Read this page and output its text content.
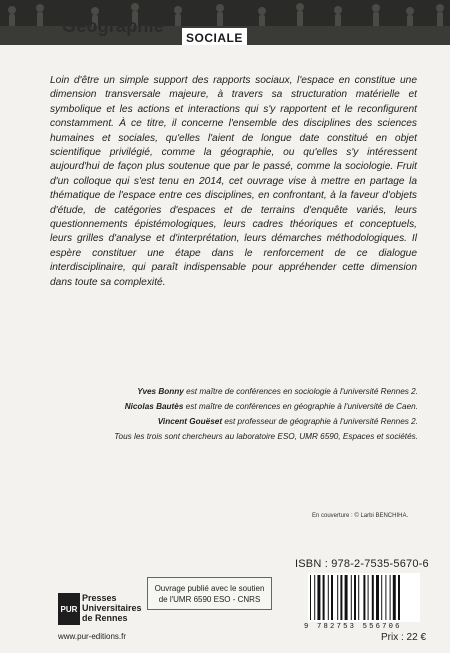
Géographie
SOCIALE

Loin d'être un simple support des rapports sociaux, l'espace en constitue une dimension transversale majeure, à travers sa structuration matérielle et symbolique et les actions et interactions qui s'y rapportent et le reconfigurent constamment. À ce titre, il concerne l'ensemble des disciplines des sciences humaines et sociales, qu'elles l'aient de longue date constitué en objet scientifique privilégié, comme la géographie, ou qu'elles s'y intéressent aujourd'hui de façon plus soutenue que par le passé, comme la sociologie. Fruit d'un colloque qui s'est tenu en 2014, cet ouvrage vise à mettre en partage la thématique de l'espace entre ces disciplines, en confrontant, à la faveur d'objets d'étude, de catégories d'espaces et de terrains d'enquête variés, leurs questionnements épistémologiques, leurs cadres théoriques et conceptuels, leurs grilles d'analyse et d'interprétation, leurs démarches méthodologiques. Il espère constituer une étape dans le renforcement de ce dialogue interdisciplinaire, qui paraît indispensable pour appréhender cette dimension dans toute sa complexité.

Yves Bonny est maître de conférences en sociologie à l'université Rennes 2.
Nicolas Bautès est maître de conférences en géographie à l'université de Caen.
Vincent Gouëset est professeur de géographie à l'université Rennes 2.
Tous les trois sont chercheurs au laboratoire ESO, UMR 6590, Espaces et sociétés.
En couverture : © Larbi BENCHIHA.
ISBN : 978-2-7535-5670-6
Ouvrage publié avec le soutien
de l'UMR 6590 ESO - CNRS
9 782753 556706
Prix : 22 €
PUR
Presses
Universitaires
de Rennes
www.pur-editions.fr
